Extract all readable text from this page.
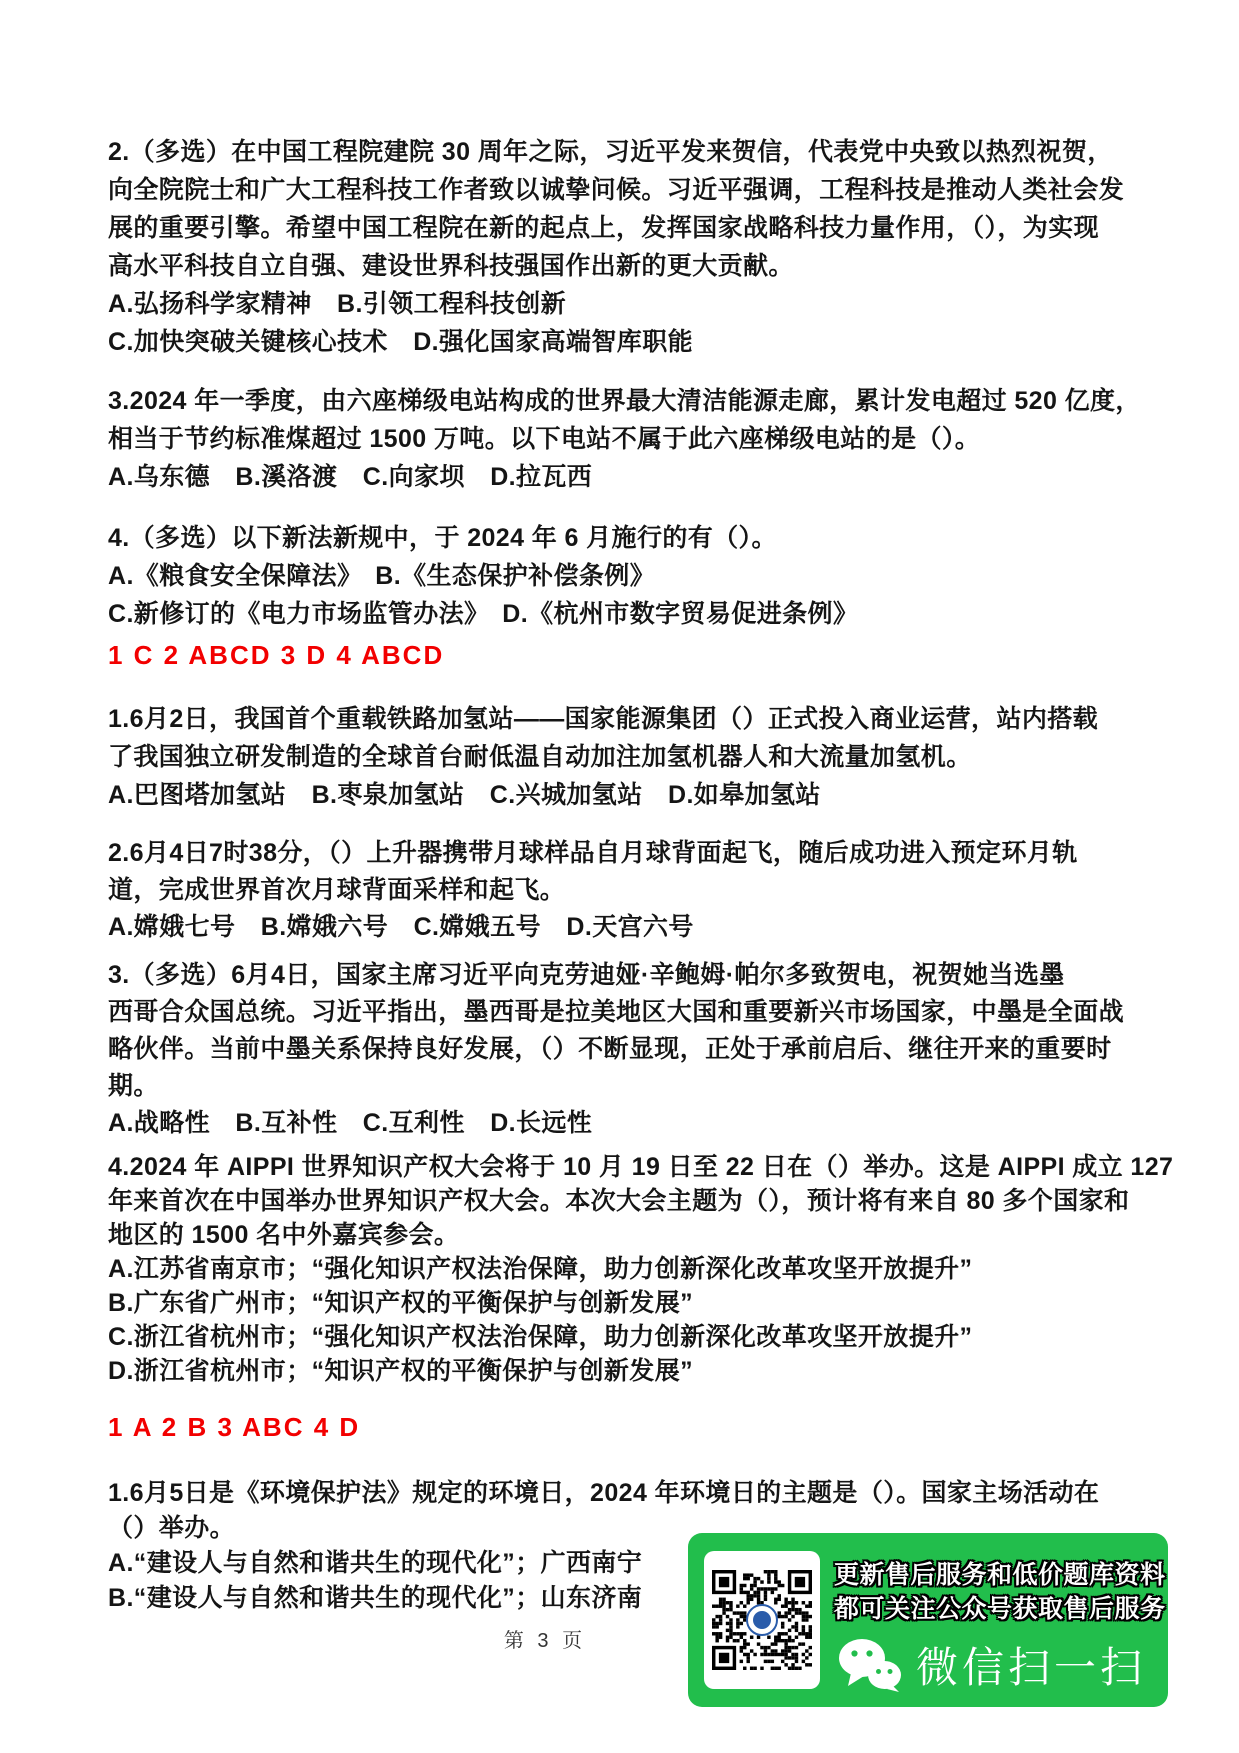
2.（多选）在中国工程院建院 30 周年之际，习近平发来贺信，代表党中央致以热烈祝贺，

向全院院士和广大工程科技工作者致以诚挚问候。习近平强调，工程科技是推动人类社会发

展的重要引擎。希望中国工程院在新的起点上，发挥国家战略科技力量作用，（），为实现

高水平科技自立自强、建设世界科技强国作出新的更大贡献。

A.弘扬科学家精神　B.引领工程科技创新

C.加快突破关键核心技术　D.强化国家高端智库职能

3.2024 年一季度，由六座梯级电站构成的世界最大清洁能源走廊，累计发电超过 520 亿度，

相当于节约标准煤超过 1500 万吨。以下电站不属于此六座梯级电站的是（）。

A.乌东德　B.溪洛渡　C.向家坝　D.拉瓦西

4.（多选）以下新法新规中，于 2024 年 6 月施行的有（）。

A.《粮食安全保障法》　B.《生态保护补偿条例》

C.新修订的《电力市场监管办法》　D.《杭州市数字贸易促进条例》

1 C 2 ABCD 3 D 4 ABCD

1.6月2日，我国首个重载铁路加氢站——国家能源集团（）正式投入商业运营，站内搭载

了我国独立研发制造的全球首台耐低温自动加注加氢机器人和大流量加氢机。

A.巴图塔加氢站　B.枣泉加氢站　C.兴城加氢站　D.如皋加氢站

2.6月4日7时38分，（）上升器携带月球样品自月球背面起飞，随后成功进入预定环月轨

道，完成世界首次月球背面采样和起飞。

A.嫦娥七号　B.嫦娥六号　C.嫦娥五号　D.天宫六号

3.（多选）6月4日，国家主席习近平向克劳迪娅·辛鲍姆·帕尔多致贺电，祝贺她当选墨

西哥合众国总统。习近平指出，墨西哥是拉美地区大国和重要新兴市场国家，中墨是全面战

略伙伴。当前中墨关系保持良好发展，（）不断显现，正处于承前启后、继往开来的重要时

期。

A.战略性　B.互补性　C.互利性　D.长远性

4.2024 年 AIPPI 世界知识产权大会将于 10 月 19 日至 22 日在（）举办。这是 AIPPI 成立 127

年来首次在中国举办世界知识产权大会。本次大会主题为（），预计将有来自 80 多个国家和

地区的 1500 名中外嘉宾参会。

A.江苏省南京市；“强化知识产权法治保障，助力创新深化改革攻坚开放提升”

B.广东省广州市；“知识产权的平衡保护与创新发展”

C.浙江省杭州市；“强化知识产权法治保障，助力创新深化改革攻坚开放提升”

D.浙江省杭州市；“知识产权的平衡保护与创新发展”

1 A 2 B 3 ABC 4 D

1.6月5日是《环境保护法》规定的环境日，2024 年环境日的主题是（）。国家主场活动在

（）举办。

A.“建设人与自然和谐共生的现代化”；广西南宁

B.“建设人与自然和谐共生的现代化”；山东济南

第 3 页
更新售后服务和低价题库资料
都可关注公众号获取售后服务
微信扫一扫
